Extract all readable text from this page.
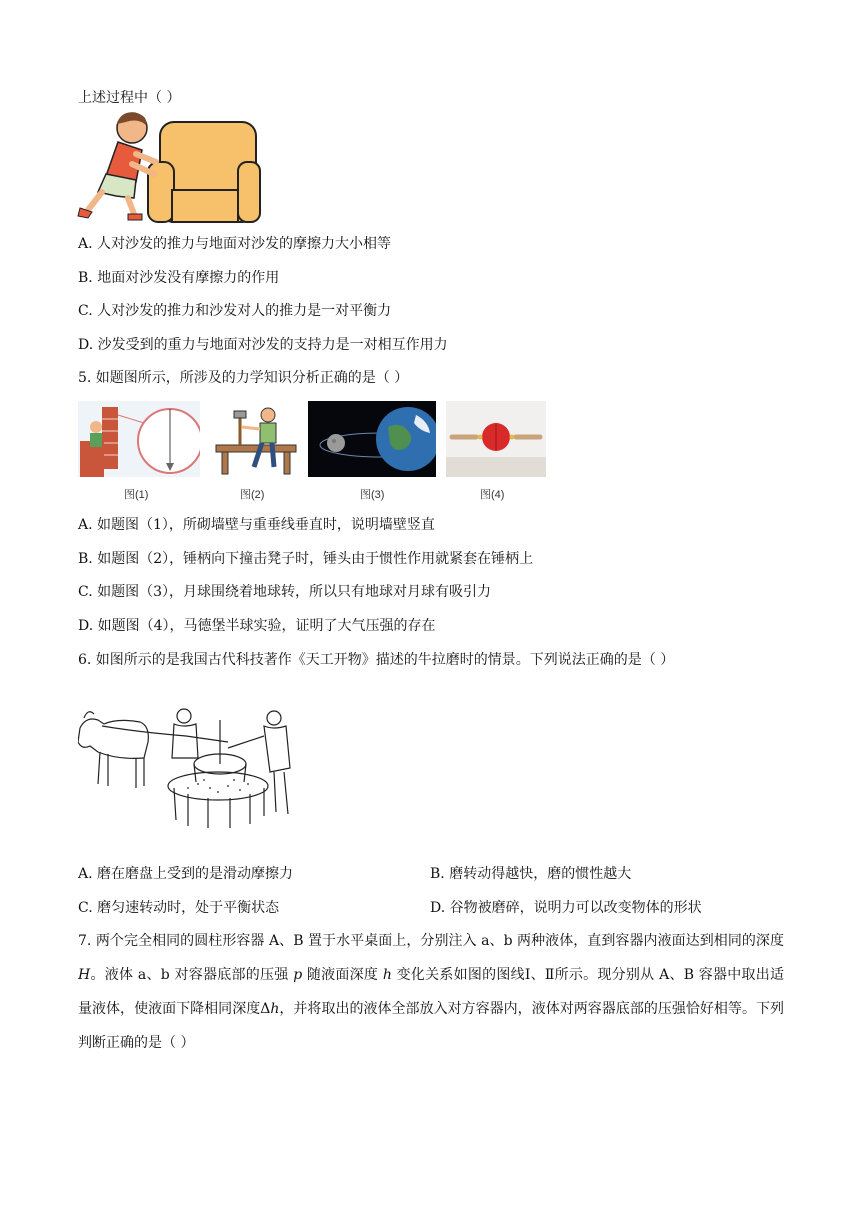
上述过程中（ ）
A. 人对沙发的推力与地面对沙发的摩擦力大小相等
B. 地面对沙发没有摩擦力的作用
C. 人对沙发的推力和沙发对人的推力是一对平衡力
D. 沙发受到的重力与地面对沙发的支持力是一对相互作用力
5. 如题图所示，所涉及的力学知识分析正确的是（ ）
图(1)	图(2)	图(3)	图(4)
A. 如题图（1），所砌墙壁与重垂线垂直时，说明墙壁竖直
B. 如题图（2），锤柄向下撞击凳子时，锤头由于惯性作用就紧套在锤柄上
C. 如题图（3），月球围绕着地球转，所以只有地球对月球有吸引力
D. 如题图（4），马德堡半球实验，证明了大气压强的存在
6. 如图所示的是我国古代科技著作《天工开物》描述的牛拉磨时的情景。下列说法正确的是（ ）
A. 磨在磨盘上受到的是滑动摩擦力	B. 磨转动得越快，磨的惯性越大
C. 磨匀速转动时，处于平衡状态	D. 谷物被磨碎，说明力可以改变物体的形状
7. 两个完全相同的圆柱形容器 A、B 置于水平桌面上，分别注入 a、b 两种液体，直到容器内液面达到相同的深度 H。液体 a、b 对容器底部的压强 p 随液面深度 h 变化关系如图的图线Ⅰ、Ⅱ所示。现分别从 A、B 容器中取出适量液体，使液面下降相同深度Δh，并将取出的液体全部放入对方容器内，液体对两容器底部的压强恰好相等。下列判断正确的是（ ）
